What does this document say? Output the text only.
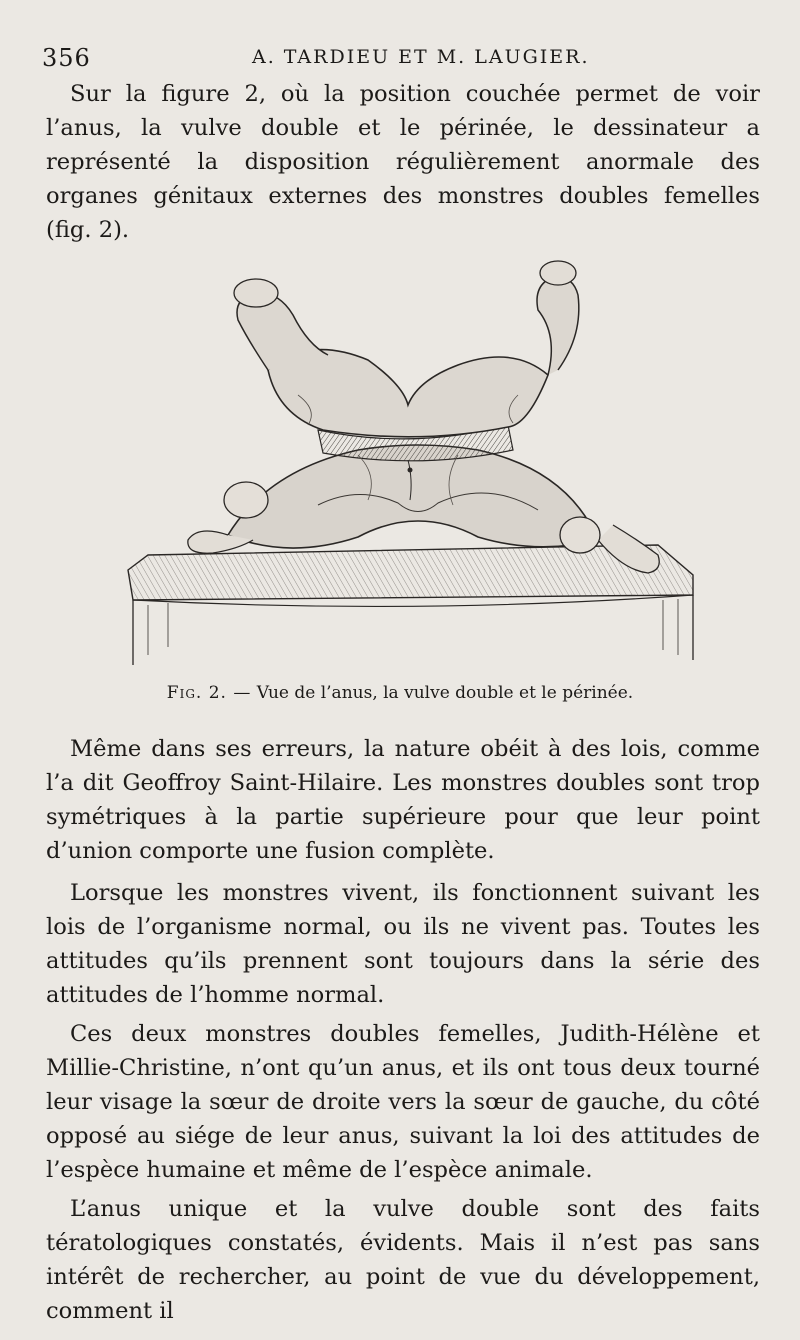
356	A. TARDIEU ET M. LAUGIER.

Sur la figure 2, où la position couchée permet de voir l’anus, la vulve double et le périnée, le dessinateur a représenté la disposition régulièrement anormale des organes génitaux externes des monstres doubles femelles (fig. 2).

Fig. 2. — Vue de l’anus, la vulve double et le périnée.

Même dans ses erreurs, la nature obéit à des lois, comme l’a dit Geoffroy Saint-Hilaire. Les monstres doubles sont trop symétriques à la partie supérieure pour que leur point d’union comporte une fusion complète.

Lorsque les monstres vivent, ils fonctionnent suivant les lois de l’organisme normal, ou ils ne vivent pas. Toutes les attitudes qu’ils prennent sont toujours dans la série des attitudes de l’homme normal.

Ces deux monstres doubles femelles, Judith-Hélène et Millie-Christine, n’ont qu’un anus, et ils ont tous deux tourné leur visage la sœur de droite vers la sœur de gauche, du côté opposé au siége de leur anus, suivant la loi des attitudes de l’espèce humaine et même de l’espèce animale.

L’anus unique et la vulve double sont des faits tératologiques constatés, évidents. Mais il n’est pas sans intérêt de rechercher, au point de vue du développement, comment il
